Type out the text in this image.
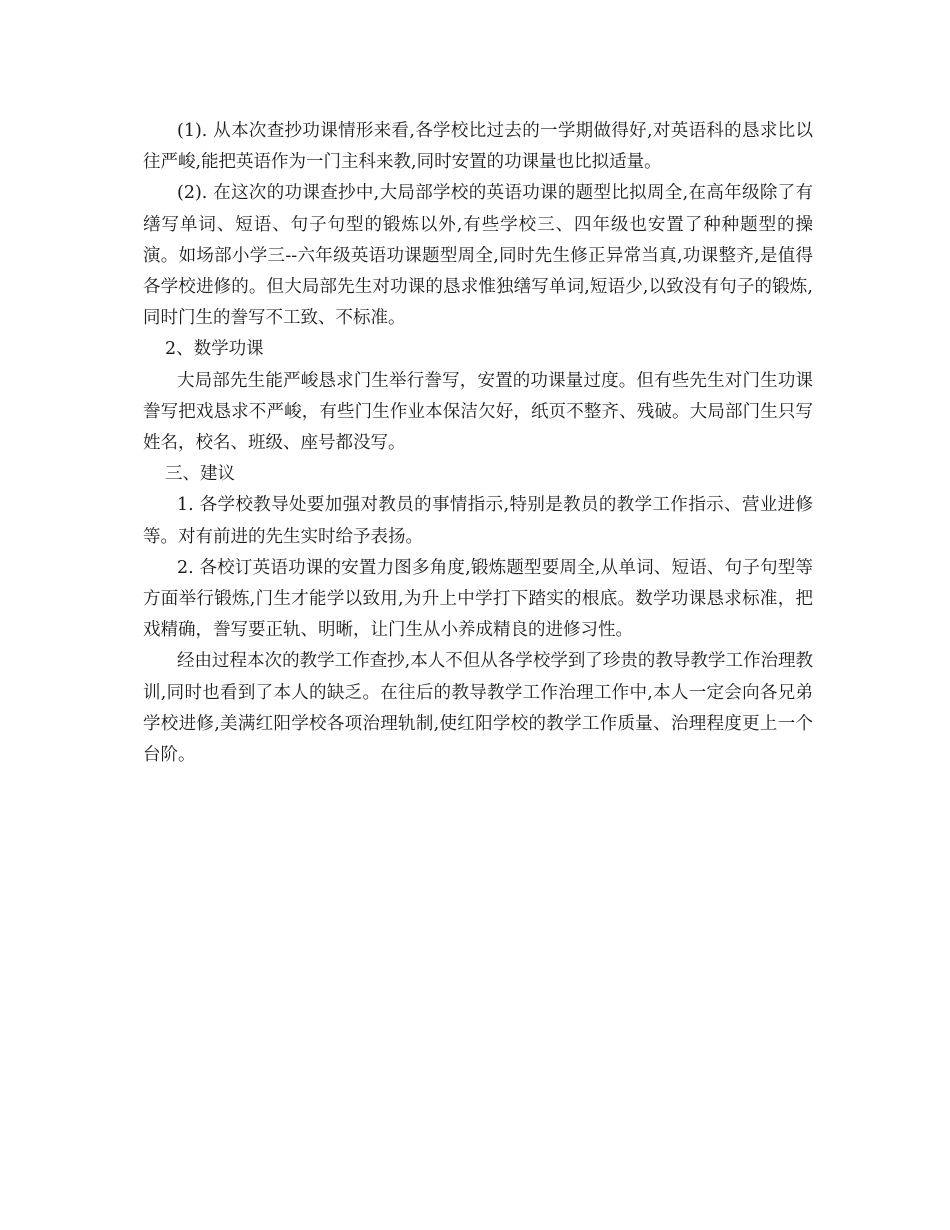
(1). 从本次查抄功课情形来看,各学校比过去的一学期做得好,对英语科的恳求比以往严峻,能把英语作为一门主科来教,同时安置的功课量也比拟适量。

(2). 在这次的功课查抄中,大局部学校的英语功课的题型比拟周全,在高年级除了有缮写单词、短语、句子句型的锻炼以外,有些学校三、四年级也安置了种种题型的操演。如场部小学三--六年级英语功课题型周全,同时先生修正异常当真,功课整齐,是值得各学校进修的。但大局部先生对功课的恳求惟独缮写单词,短语少,以致没有句子的锻炼,同时门生的誊写不工致、不标准。

2、数学功课

大局部先生能严峻恳求门生举行誊写，安置的功课量过度。但有些先生对门生功课誊写把戏恳求不严峻，有些门生作业本保洁欠好，纸页不整齐、残破。大局部门生只写姓名，校名、班级、座号都没写。

三、建议

1. 各学校教导处要加强对教员的事情指示,特别是教员的教学工作指示、营业进修 等。对有前进的先生实时给予表扬。

2. 各校订英语功课的安置力图多角度,锻炼题型要周全,从单词、短语、句子句型等方面举行锻炼,门生才能学以致用,为升上中学打下踏实的根底。数学功课恳求标准，把戏精确，誊写要正轨、明晰，让门生从小养成精良的进修习性。

经由过程本次的教学工作查抄,本人不但从各学校学到了珍贵的教导教学工作治理教训,同时也看到了本人的缺乏。在往后的教导教学工作治理工作中,本人一定会向各兄弟学校进修,美满红阳学校各项治理轨制,使红阳学校的教学工作质量、治理程度更上一个台阶。
